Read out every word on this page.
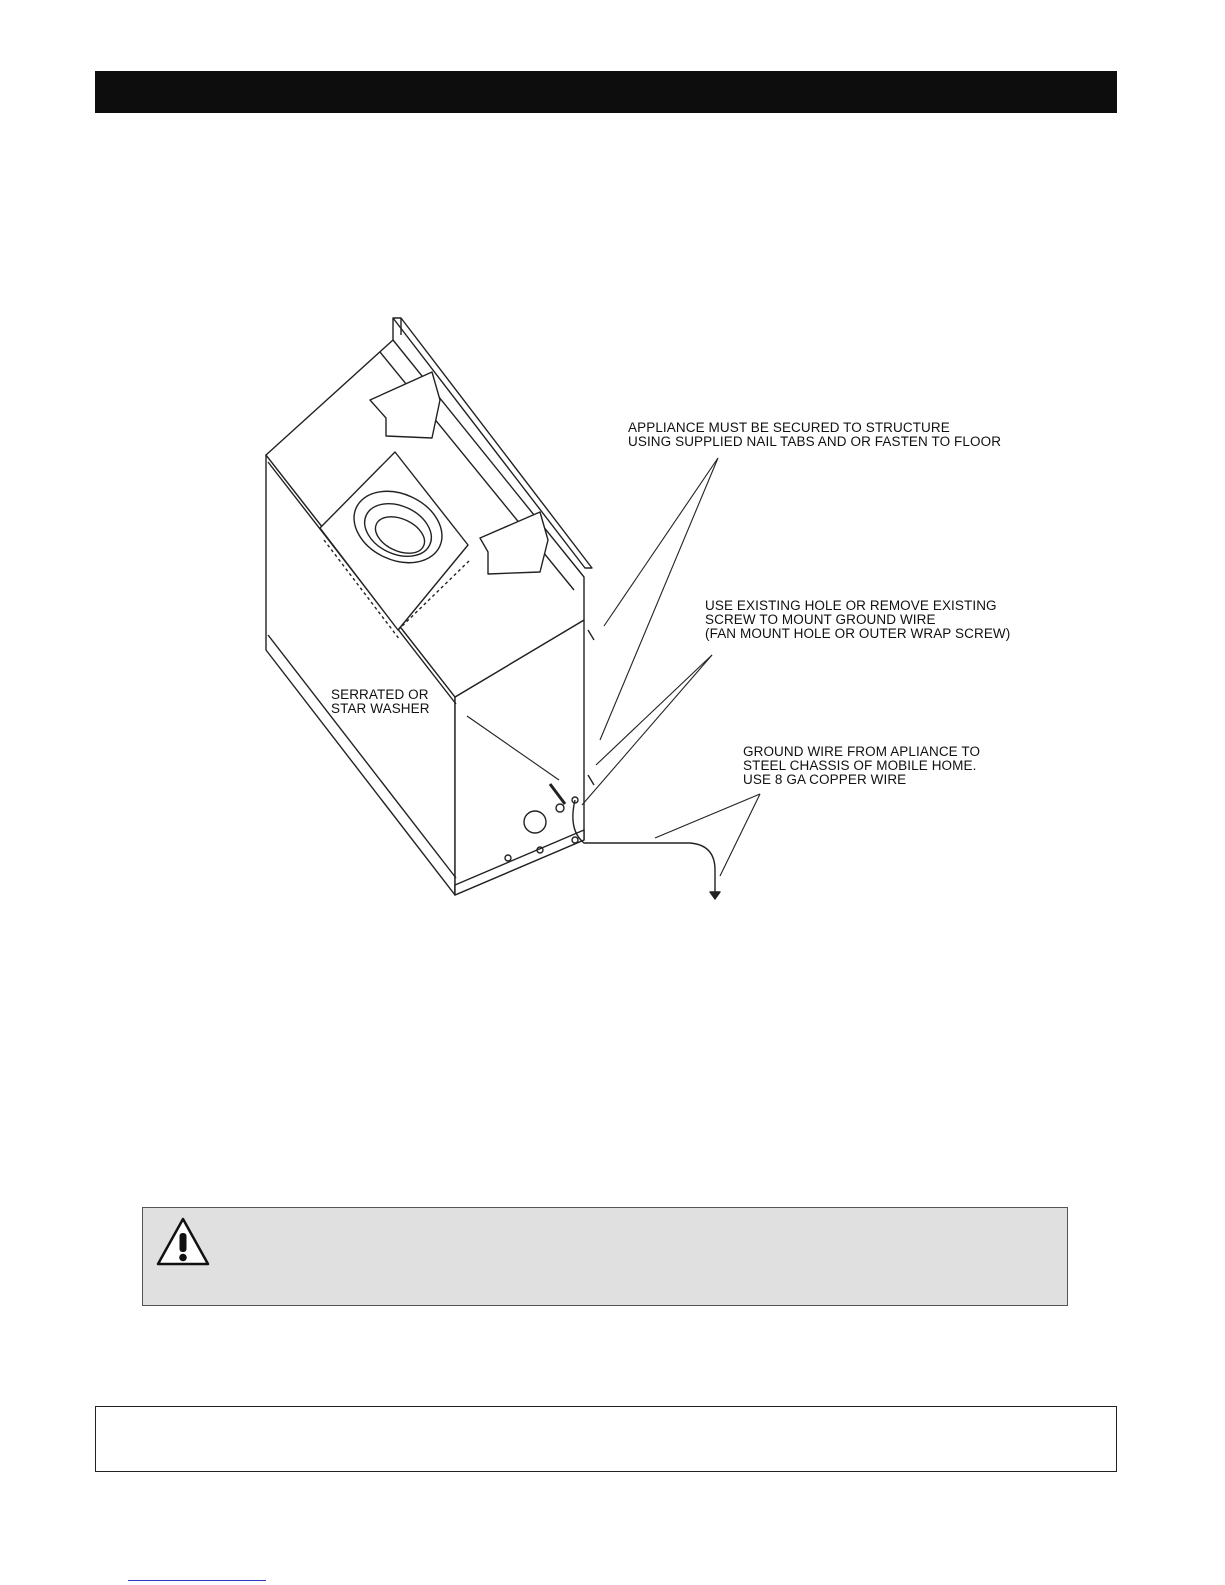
APPLIANCE MUST BE SECURED TO STRUCTURE
USING SUPPLIED NAIL TABS AND OR FASTEN TO FLOOR
USE EXISTING HOLE OR REMOVE EXISTING
SCREW TO MOUNT GROUND WIRE
(FAN MOUNT HOLE OR OUTER WRAP SCREW)
SERRATED OR
STAR WASHER
GROUND WIRE FROM APLIANCE TO
STEEL CHASSIS OF MOBILE HOME.
USE 8 GA COPPER WIRE
